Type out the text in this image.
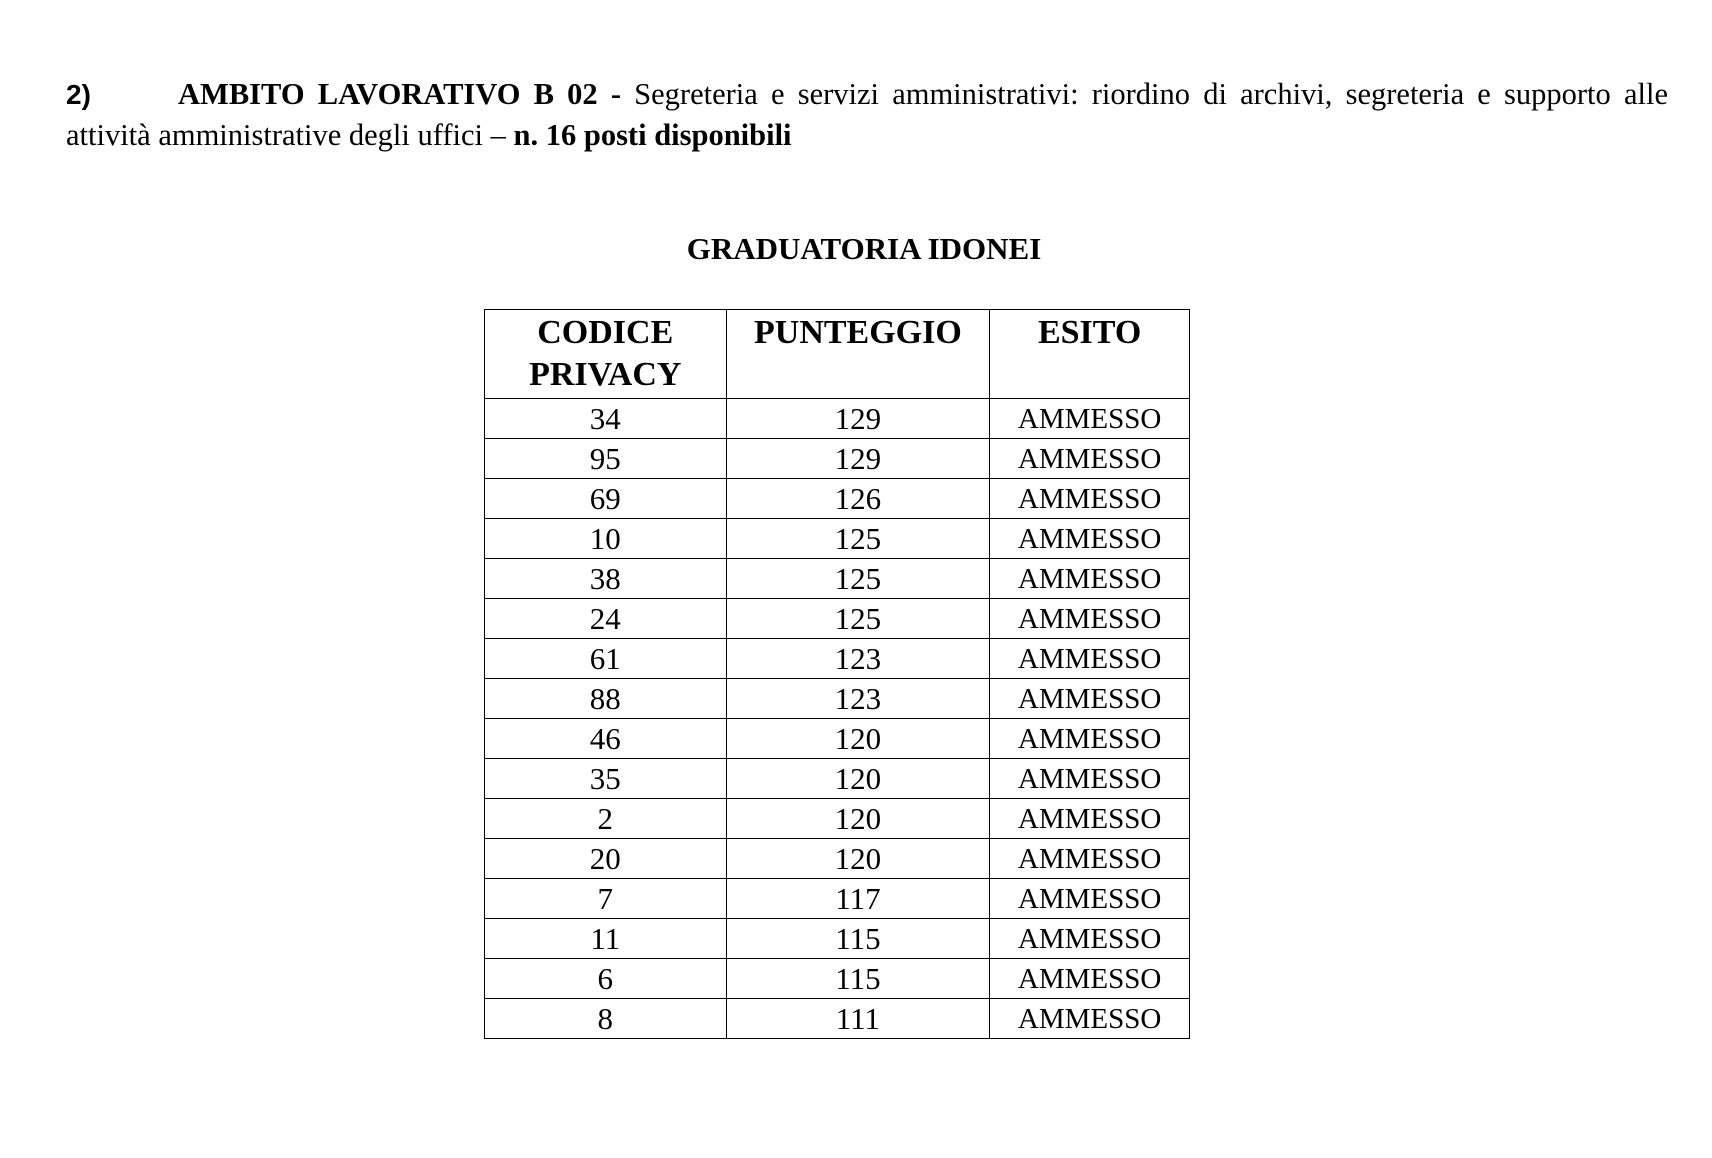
2)	AMBITO LAVORATIVO B 02 - Segreteria e servizi amministrativi: riordino di archivi, segreteria e supporto alle attività amministrative degli uffici – n. 16 posti disponibili
GRADUATORIA IDONEI
CODICE
PRIVACY	PUNTEGGIO	ESITO
34	129	AMMESSO
95	129	AMMESSO
69	126	AMMESSO
10	125	AMMESSO
38	125	AMMESSO
24	125	AMMESSO
61	123	AMMESSO
88	123	AMMESSO
46	120	AMMESSO
35	120	AMMESSO
2	120	AMMESSO
20	120	AMMESSO
7	117	AMMESSO
11	115	AMMESSO
6	115	AMMESSO
8	111	AMMESSO
